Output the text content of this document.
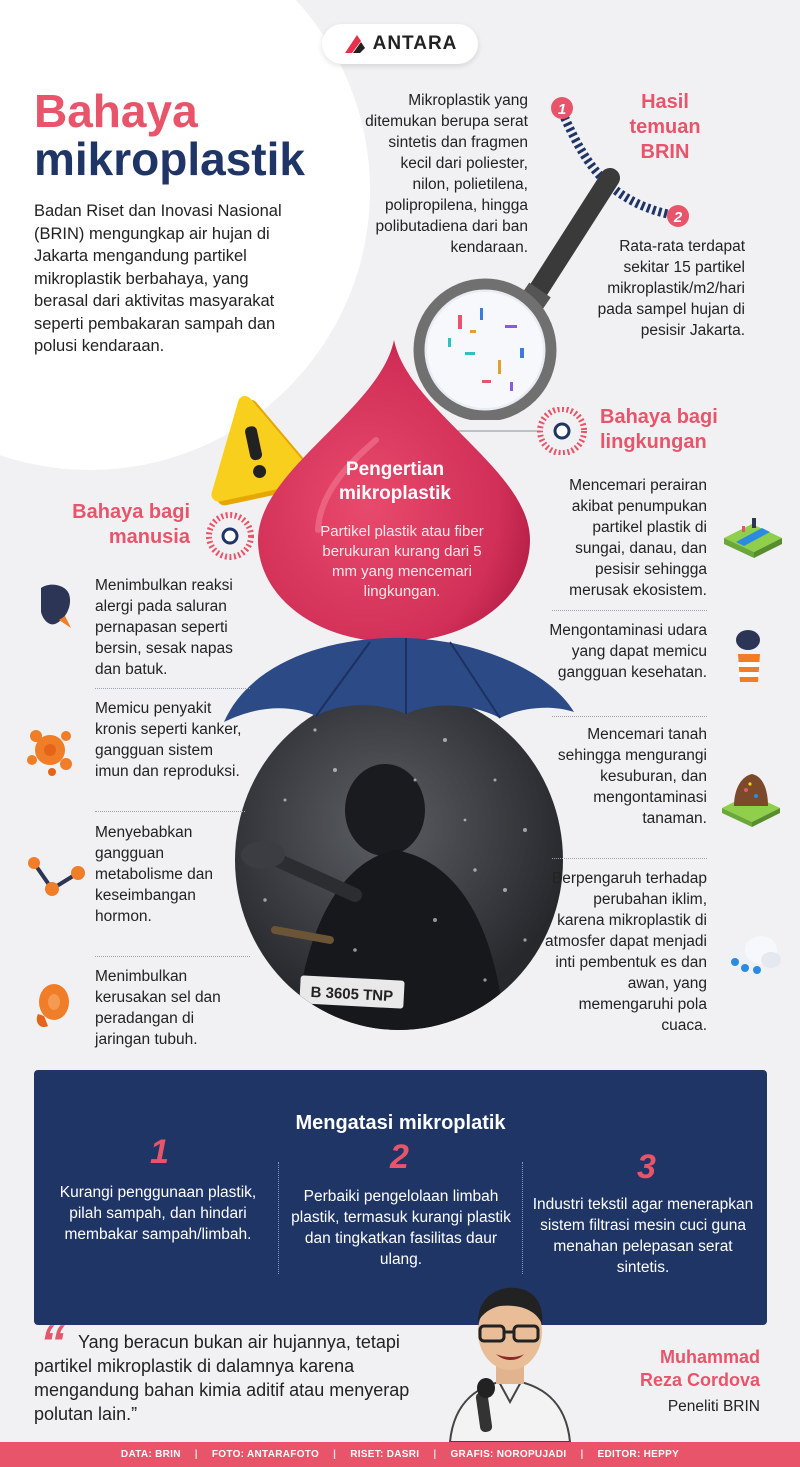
ANTARA
Bahaya
mikroplastik
Badan Riset dan Inovasi Nasional (BRIN) mengungkap air hujan di Jakarta mengandung partikel mikroplastik berbahaya, yang berasal dari aktivitas masyarakat seperti pembakaran sampah dan polusi kendaraan.
Mikroplastik yang ditemukan berupa serat sintetis dan fragmen kecil dari poliester, nilon, polietilena, polipropilena, hingga polibutadiena dari ban kendaraan.
Hasil
temuan
BRIN
Rata-rata terdapat sekitar 15 partikel mikroplastik/m2/hari pada sampel hujan di pesisir Jakarta.
1
2
Bahaya bagi
lingkungan
Pengertian
mikroplastik
Partikel plastik atau fiber berukuran kurang dari 5 mm yang mencemari lingkungan.
B 3605 TNP
Bahaya bagi
manusia
Menimbulkan reaksi alergi pada saluran pernapasan seperti bersin, sesak napas dan batuk.
Memicu penyakit kronis seperti kanker, gangguan sistem imun dan reproduksi.
Menyebabkan gangguan metabolisme dan keseimbangan hormon.
Menimbulkan kerusakan sel dan peradangan di jaringan tubuh.
Mencemari perairan akibat penumpukan partikel plastik di sungai, danau, dan pesisir sehingga merusak ekosistem.
Mengontaminasi udara yang dapat memicu gangguan kesehatan.
Mencemari tanah sehingga mengurangi kesuburan, dan mengontaminasi tanaman.
Berpengaruh terhadap perubahan iklim, karena mikroplastik di atmosfer dapat menjadi inti pembentuk es dan awan, yang memengaruhi pola cuaca.
Mengatasi mikroplatik
1	2	3
Kurangi penggunaan plastik, pilah sampah, dan hindari membakar sampah/limbah.
Perbaiki pengelolaan limbah plastik, termasuk kurangi plastik dan tingkatkan fasilitas daur ulang.
Industri tekstil agar menerapkan sistem filtrasi mesin cuci guna menahan pelepasan serat sintetis.
“ Yang beracun bukan air hujannya, tetapi partikel mikroplastik di dalamnya karena mengandung bahan kimia aditif atau menyerap polutan lain.”
Muhammad
Reza Cordova
Peneliti BRIN
DATA: BRIN | FOTO: ANTARAFOTO | RISET: DASRI | GRAFIS: NOROPUJADI | EDITOR: HEPPY
